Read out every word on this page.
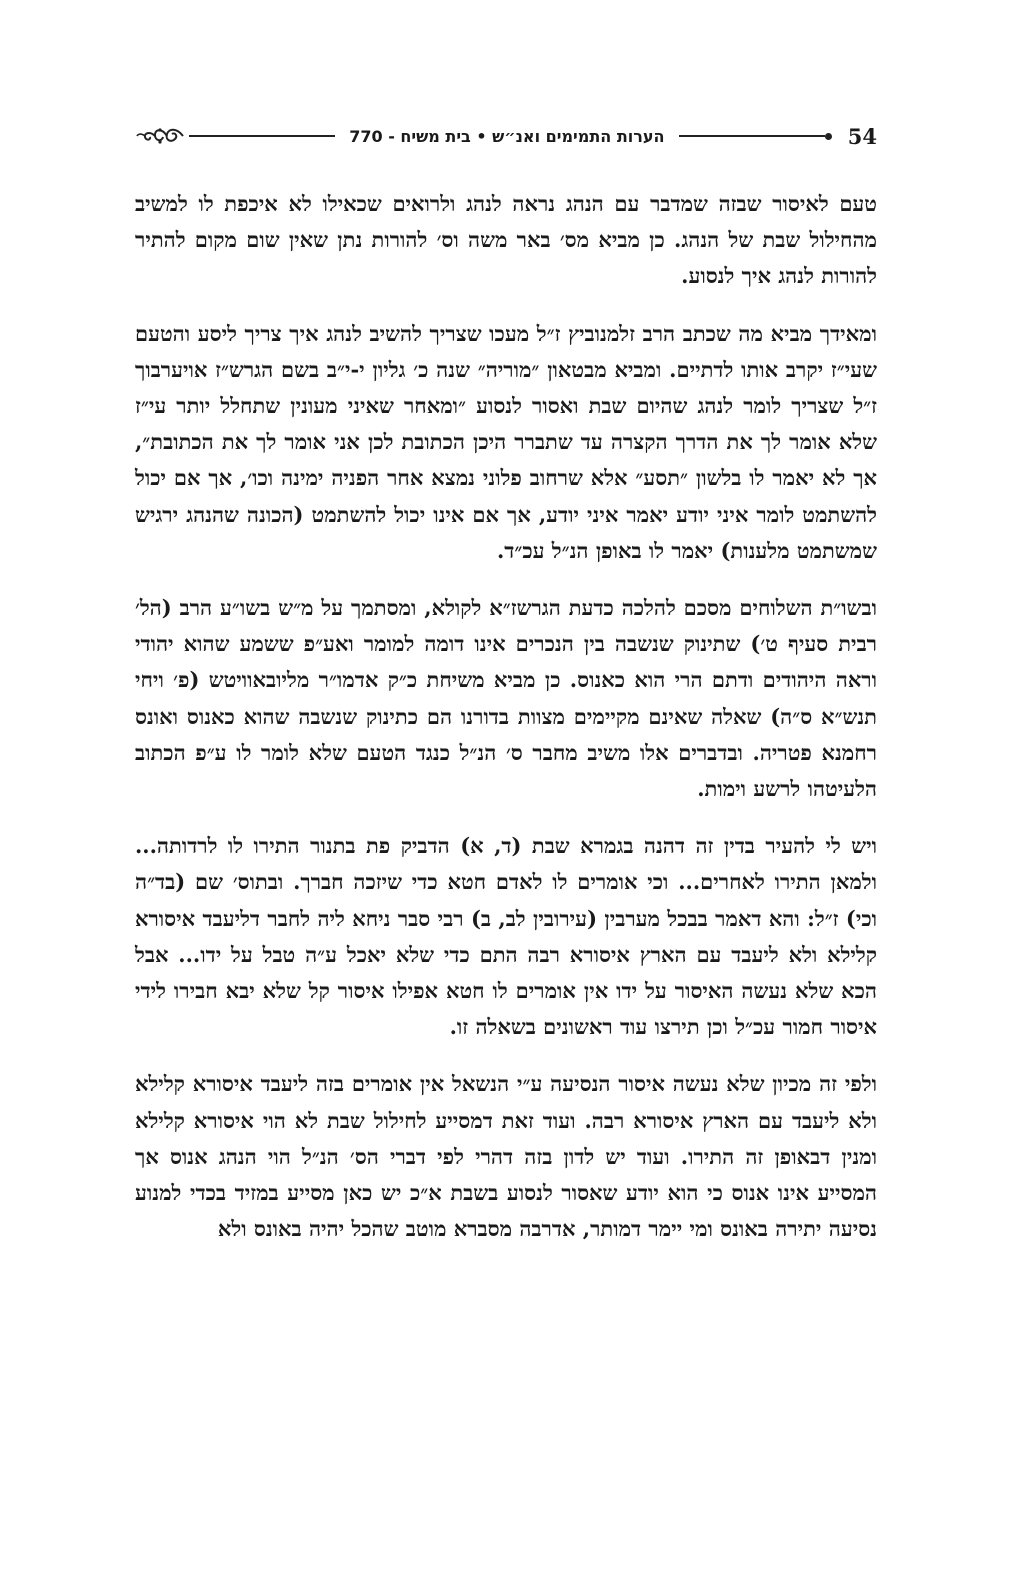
הערות התמימים ואנ״ש • בית משיח - 770	54

טעם לאיסור שבזה שמדבר עם הנהג נראה לנהג ולרואים שכאילו לא איכפת לו למשיב מהחילול שבת של הנהג. כן מביא מס׳ באר משה וס׳ להורות נתן שאין שום מקום להתיר להורות לנהג איך לנסוע.

ומאידך מביא מה שכתב הרב זלמנוביץ ז״ל מעכו שצריך להשיב לנהג איך צריך ליסע והטעם שעי״ז יקרב אותו לדתיים. ומביא מבטאון ״מוריה״ שנה כ׳ גליון י-י״ב בשם הגרש״ז אויערבוך ז״ל שצריך לומר לנהג שהיום שבת ואסור לנסוע ״ומאחר שאיני מעונין שתחלל יותר עי״ז שלא אומר לך את הדרך הקצרה עד שתברר היכן הכתובת לכן אני אומר לך את הכתובת״, אך לא יאמר לו בלשון ״תסע״ אלא שרחוב פלוני נמצא אחר הפניה ימינה וכו׳, אך אם יכול להשתמט לומר איני יודע יאמר איני יודע, אך אם אינו יכול להשתמט (הכונה שהנהג ירגיש שמשתמט מלענות) יאמר לו באופן הנ״ל עכ״ד.

ובשו״ת השלוחים מסכם להלכה כדעת הגרשז״א לקולא, ומסתמך על מ״ש בשו״ע הרב (הל׳ רבית סעיף ט׳) שתינוק שנשבה בין הנכרים אינו דומה למומר ואע״פ ששמע שהוא יהודי וראה היהודים ודתם הרי הוא כאנוס. כן מביא משיחת כ״ק אדמו״ר מליובאוויטש (פ׳ ויחי תנש״א ס״ה) שאלה שאינם מקיימים מצוות בדורנו הם כתינוק שנשבה שהוא כאנוס ואונס רחמנא פטריה. ובדברים אלו משיב מחבר ס׳ הנ״ל כנגד הטעם שלא לומר לו ע״פ הכתוב הלעיטהו לרשע וימות.

ויש לי להעיר בדין זה דהנה בגמרא שבת (ד, א) הדביק פת בתנור התירו לו לרדותה... ולמאן התירו לאחרים... וכי אומרים לו לאדם חטא כדי שיזכה חברך. ובתוס׳ שם (בד״ה וכי) ז״ל: והא דאמר בבכל מערבין (עירובין לב, ב) רבי סבר ניחא ליה לחבר דליעבד איסורא קלילא ולא ליעבד עם הארץ איסורא רבה התם כדי שלא יאכל ע״ה טבל על ידו... אבל הכא שלא נעשה האיסור על ידו אין אומרים לו חטא אפילו איסור קל שלא יבא חבירו לידי איסור חמור עכ״ל וכן תירצו עוד ראשונים בשאלה זו.

ולפי זה מכיון שלא נעשה איסור הנסיעה ע״י הנשאל אין אומרים בזה ליעבד איסורא קלילא ולא ליעבד עם הארץ איסורא רבה. ועוד זאת דמסייע לחילול שבת לא הוי איסורא קלילא ומנין דבאופן זה התירו. ועוד יש לדון בזה דהרי לפי דברי הס׳ הנ״ל הוי הנהג אנוס אך המסייע אינו אנוס כי הוא יודע שאסור לנסוע בשבת א״כ יש כאן מסייע במזיד בכדי למנוע נסיעה יתירה באונס ומי יימר דמותר, אדרבה מסברא מוטב שהכל יהיה באונס ולא
